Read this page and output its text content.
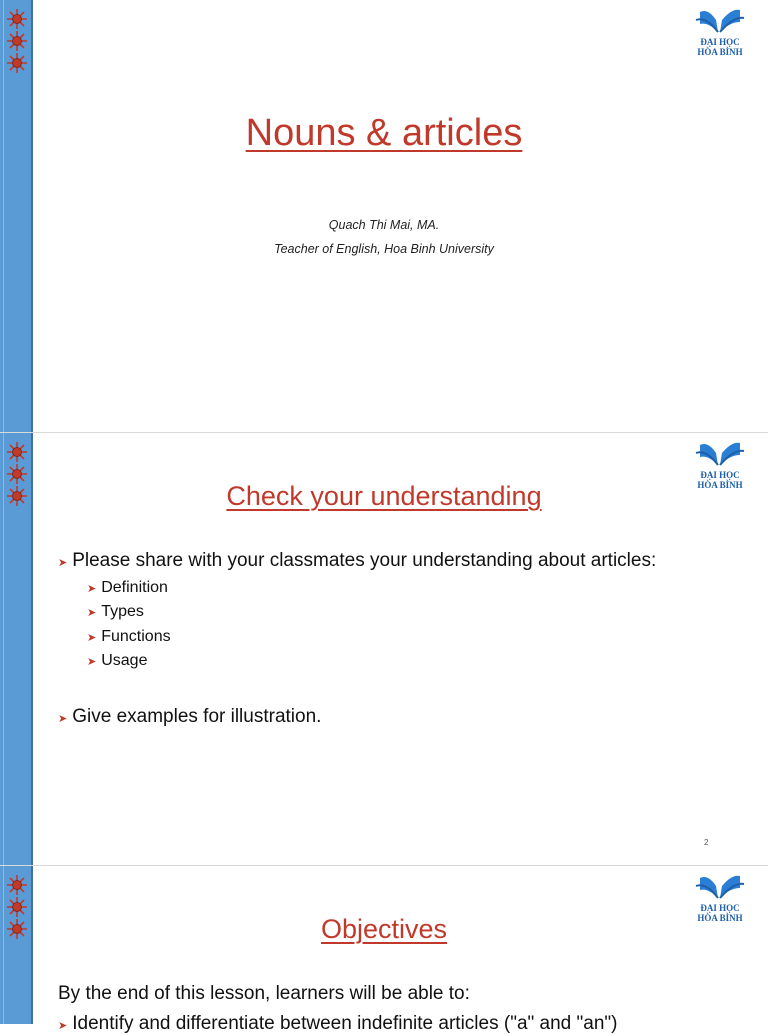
ĐẠI HỌC
HÒA BÌNH
Nouns & articles
Quach Thi Mai, MA.
Teacher of English, Hoa Binh University
ĐẠI HỌC
HÒA BÌNH
Check your understanding
➤ Please share with your classmates your understanding about articles:
➤ Definition
➤ Types
➤ Functions
➤ Usage
➤ Give examples for illustration.
2
ĐẠI HỌC
HÒA BÌNH
Objectives
By the end of this lesson, learners will be able to:
➤ Identify and differentiate between indefinite articles ("a" and "an")
